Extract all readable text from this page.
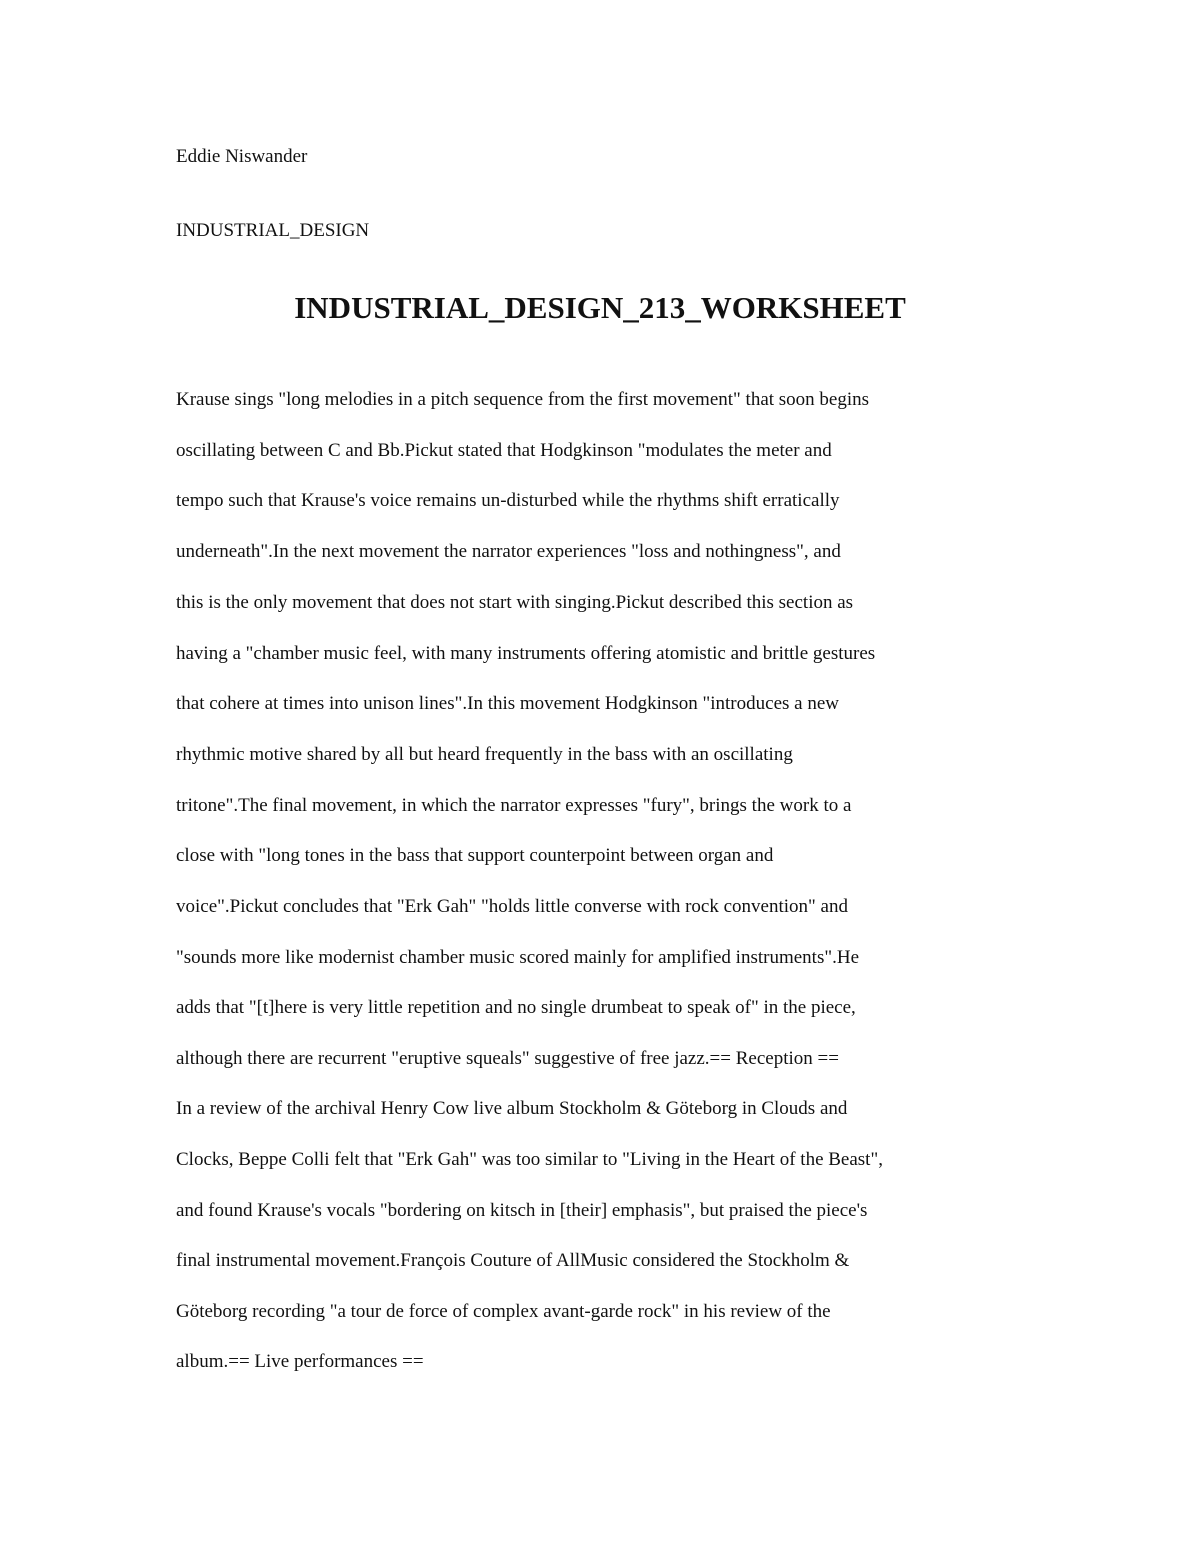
Eddie Niswander
INDUSTRIAL_DESIGN
INDUSTRIAL_DESIGN_213_WORKSHEET
Krause sings "long melodies in a pitch sequence from the first movement" that soon begins
oscillating between C and Bb.Pickut stated that Hodgkinson "modulates the meter and
tempo such that Krause's voice remains un-disturbed while the rhythms shift erratically
underneath".In the next movement the narrator experiences "loss and nothingness", and
this is the only movement that does not start with singing.Pickut described this section as
having a "chamber music feel, with many instruments offering atomistic and brittle gestures
that cohere at times into unison lines".In this movement Hodgkinson "introduces a new
rhythmic motive shared by all but heard frequently in the bass with an oscillating
tritone".The final movement, in which the narrator expresses "fury", brings the work to a
close with "long tones in the bass that support counterpoint between organ and
voice".Pickut concludes that "Erk Gah" "holds little converse with rock convention" and
"sounds more like modernist chamber music scored mainly for amplified instruments".He
adds that "[t]here is very little repetition and no single drumbeat to speak of" in the piece,
although there are recurrent "eruptive squeals" suggestive of free jazz.== Reception ==
In a review of the archival Henry Cow live album Stockholm & Göteborg in Clouds and
Clocks, Beppe Colli felt that "Erk Gah" was too similar to "Living in the Heart of the Beast",
and found Krause's vocals "bordering on kitsch in [their] emphasis", but praised the piece's
final instrumental movement.François Couture of AllMusic considered the Stockholm &
Göteborg recording "a tour de force of complex avant-garde rock" in his review of the
album.== Live performances ==
